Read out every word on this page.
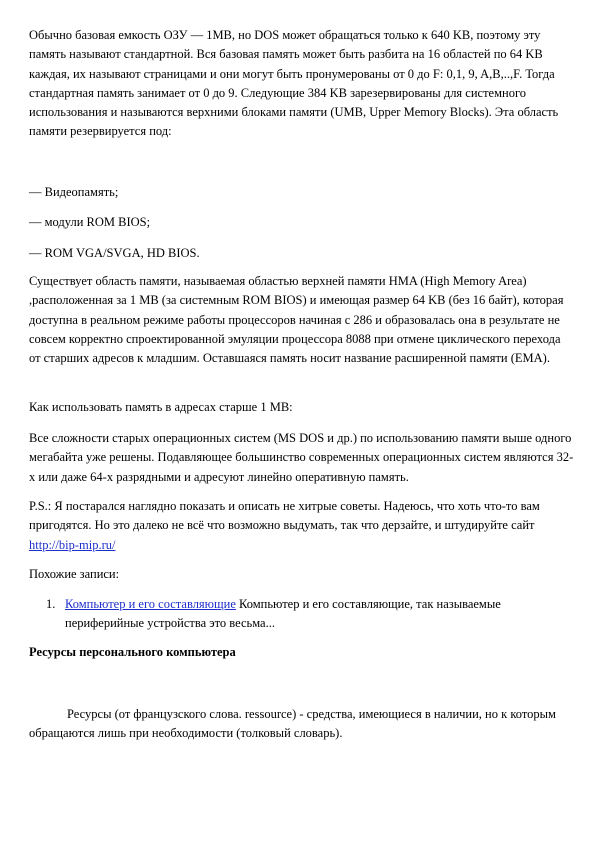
Обычно базовая емкость ОЗУ — 1MB, но DOS может обращаться только к 640 KB, поэтому эту память называют стандартной. Вся базовая память может быть разбита на 16 областей по 64 KB каждая, их называют страницами и они могут быть пронумерованы от 0 до F: 0,1, 9, A,B,..,F. Тогда стандартная память занимает от 0 до 9. Следующие 384 KB зарезервированы для системного использования и называются верхними блоками памяти (UMB, Upper Memory Blocks). Эта область памяти резервируется под:

— Видеопамять;

— модули ROM BIOS;

— ROM VGA/SVGA, HD BIOS.

Существует область памяти, называемая областью верхней памяти HMA (High Memory Area) ,расположенная за 1 MB (за системным ROM BIOS) и имеющая размер 64 KB (без 16 байт), которая доступна в реальном режиме работы процессоров начиная с 286 и образовалась она в результате не совсем корректно спроектированной эмуляции процессора 8088 при отмене циклического перехода от старших адресов к младшим. Оставшаяся память носит название расширенной памяти (EMA).

Как использовать память в адресах старше 1 MB:

Все сложности старых операционных систем (MS DOS и др.) по использованию памяти выше одного мегабайта уже решены. Подавляющее большинство современных операционных систем являются 32-х или даже 64-х разрядными и адресуют линейно оперативную память.

P.S.: Я постарался наглядно показать и описать не хитрые советы. Надеюсь, что хоть что-то вам пригодятся. Но это далеко не всё что возможно выдумать, так что дерзайте, и штудируйте сайт http://bip-mip.ru/

Похожие записи:

1. Компьютер и его составляющие Компьютер и его составляющие, так называемые периферийные устройства это весьма...

Ресурсы персонального компьютера

Ресурсы (от французского слова. ressource) - средства, имеющиеся в наличии, но к которым обращаются лишь при необходимости (толковый словарь).
